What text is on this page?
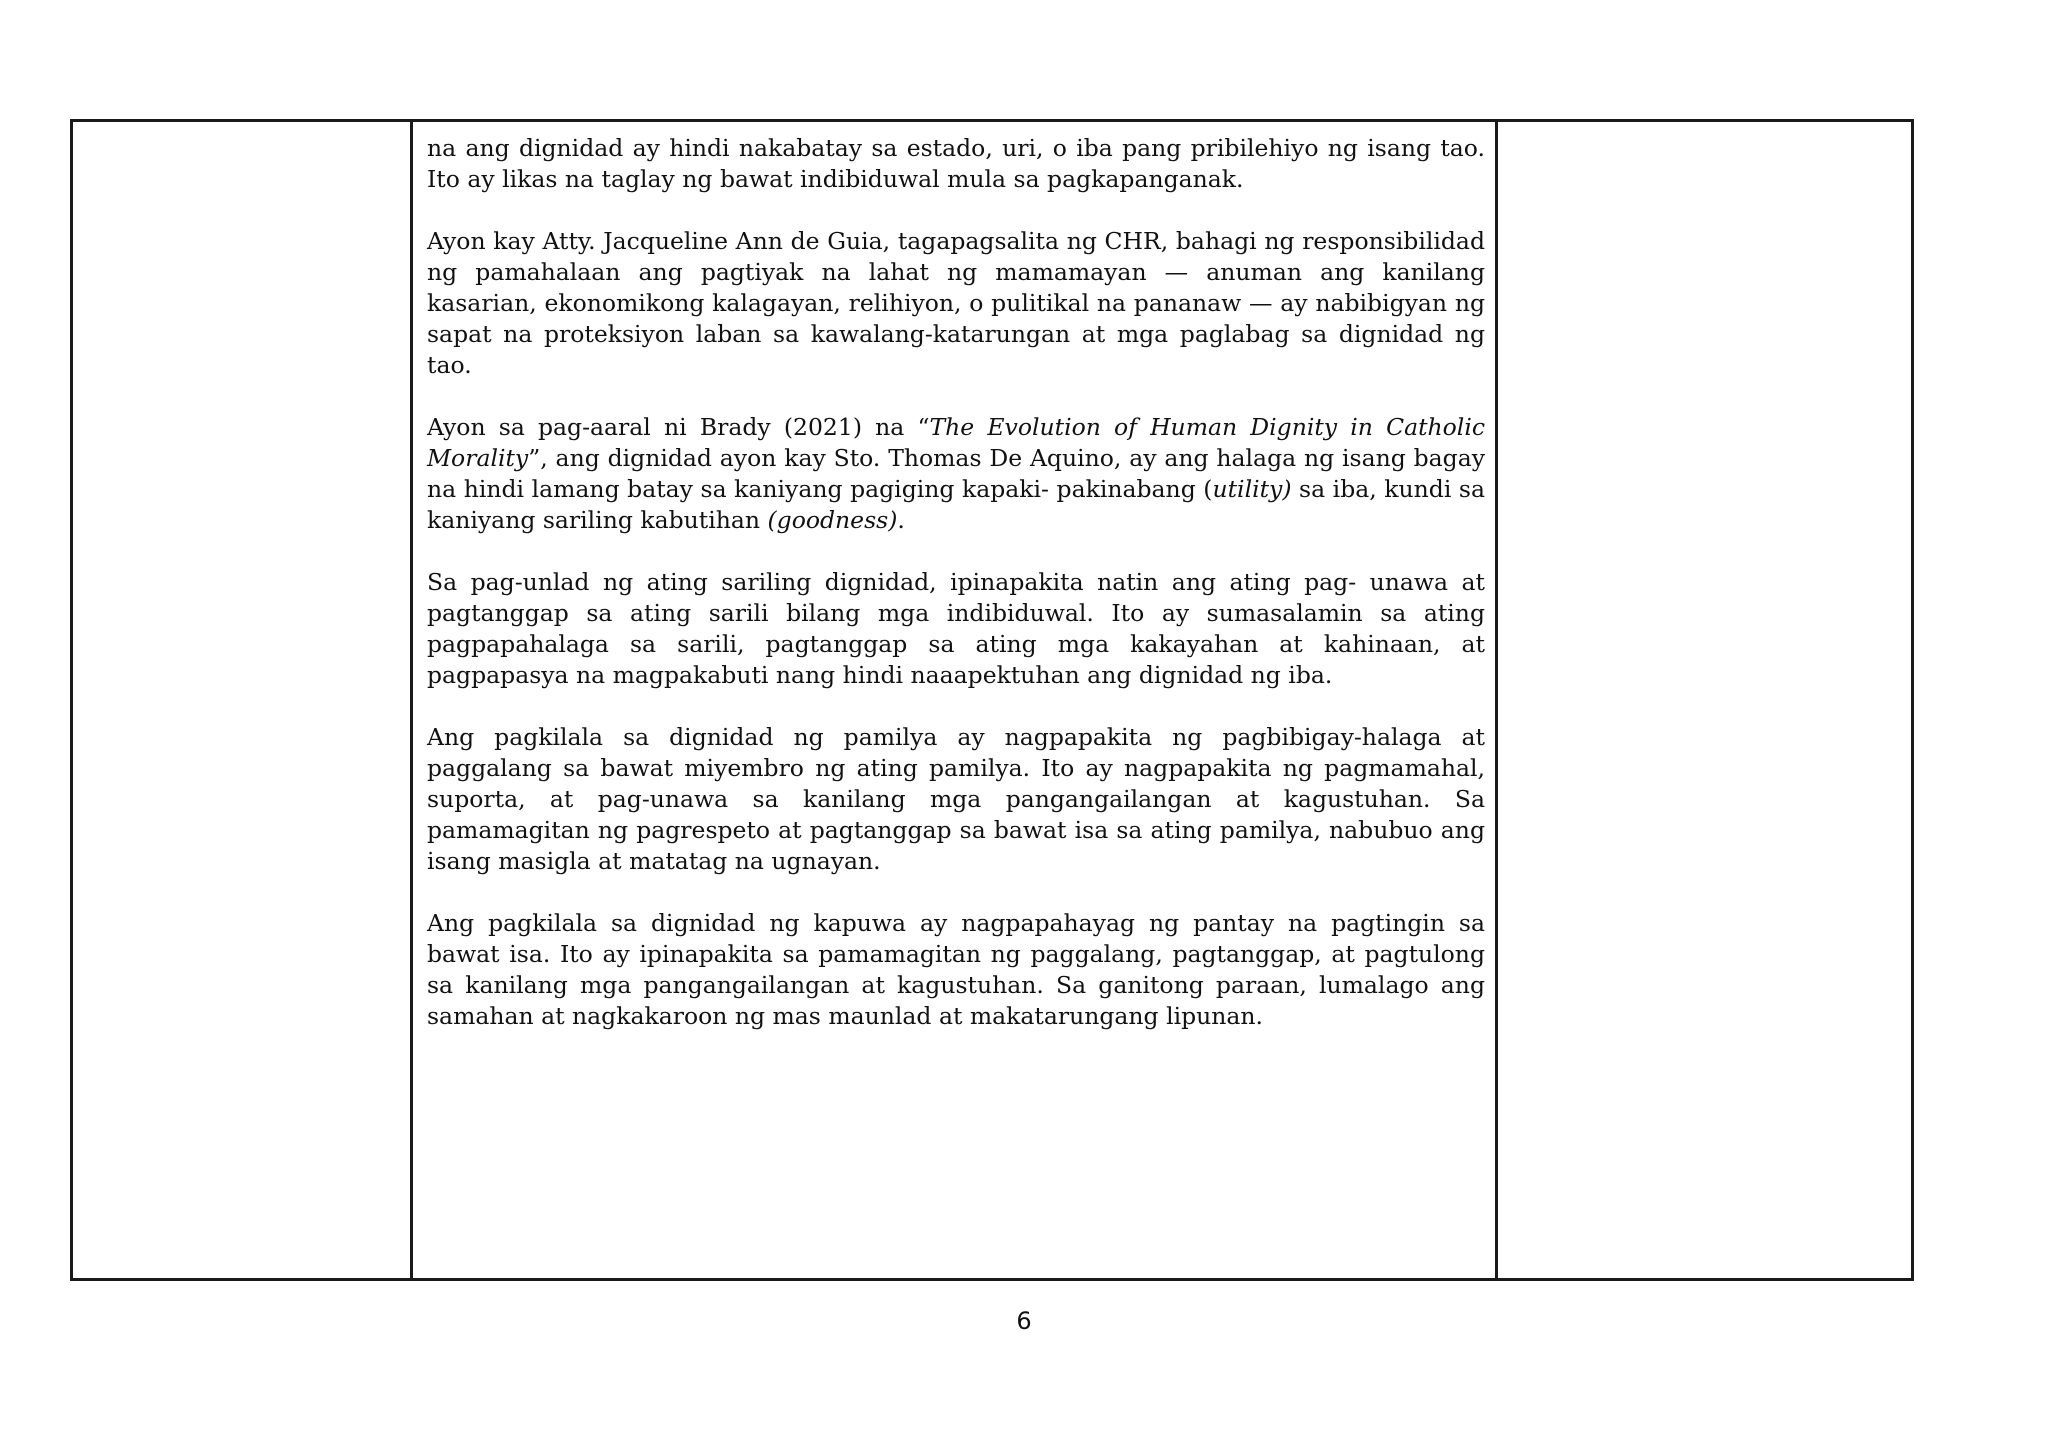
na ang dignidad ay hindi nakabatay sa estado, uri, o iba pang pribilehiyo ng isang tao. Ito ay likas na taglay ng bawat indibiduwal mula sa pagkapanganak.

Ayon kay Atty. Jacqueline Ann de Guia, tagapagsalita ng CHR, bahagi ng responsibilidad ng pamahalaan ang pagtiyak na lahat ng mamamayan — anuman ang kanilang kasarian, ekonomikong kalagayan, relihiyon, o pulitikal na pananaw — ay nabibigyan ng sapat na proteksiyon laban sa kawalang-katarungan at mga paglabag sa dignidad ng tao.

Ayon sa pag-aaral ni Brady (2021) na “The Evolution of Human Dignity in Catholic Morality”, ang dignidad ayon kay Sto. Thomas De Aquino, ay ang halaga ng isang bagay na hindi lamang batay sa kaniyang pagiging kapaki- pakinabang (utility) sa iba, kundi sa kaniyang sariling kabutihan (goodness).

Sa pag-unlad ng ating sariling dignidad, ipinapakita natin ang ating pag- unawa at pagtanggap sa ating sarili bilang mga indibiduwal. Ito ay sumasalamin sa ating pagpapahalaga sa sarili, pagtanggap sa ating mga kakayahan at kahinaan, at pagpapasya na magpakabuti nang hindi naaapektuhan ang dignidad ng iba.

Ang pagkilala sa dignidad ng pamilya ay nagpapakita ng pagbibigay-halaga at paggalang sa bawat miyembro ng ating pamilya. Ito ay nagpapakita ng pagmamahal, suporta, at pag-unawa sa kanilang mga pangangailangan at kagustuhan. Sa pamamagitan ng pagrespeto at pagtanggap sa bawat isa sa ating pamilya, nabubuo ang isang masigla at matatag na ugnayan.

Ang pagkilala sa dignidad ng kapuwa ay nagpapahayag ng pantay na pagtingin sa bawat isa. Ito ay ipinapakita sa pamamagitan ng paggalang, pagtanggap, at pagtulong sa kanilang mga pangangailangan at kagustuhan. Sa ganitong paraan, lumalago ang samahan at nagkakaroon ng mas maunlad at makatarungang lipunan.

6
